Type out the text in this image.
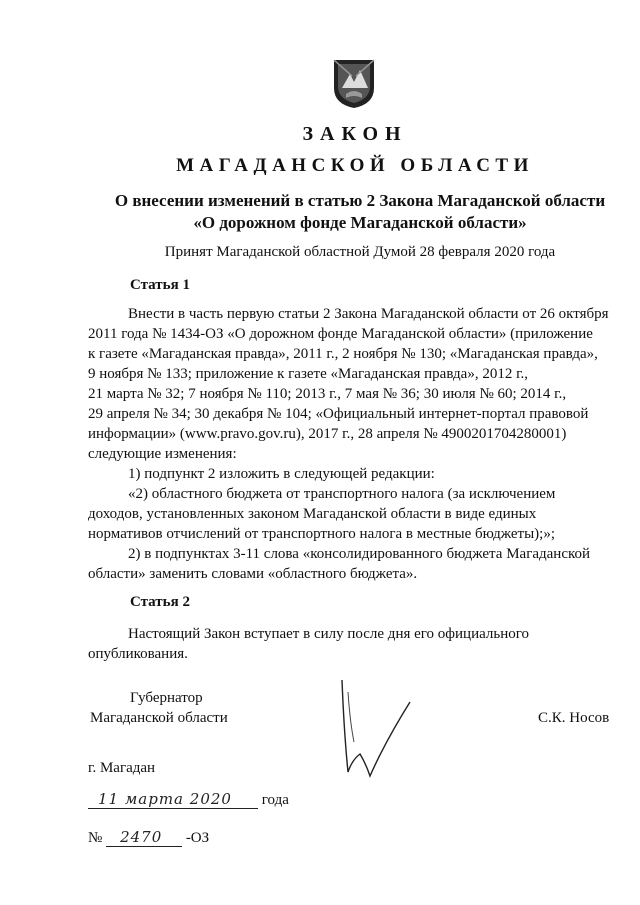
ЗАКОН
МАГАДАНСКОЙ ОБЛАСТИ
О внесении изменений в статью 2 Закона Магаданской области
«О дорожном фонде Магаданской области»
Принят Магаданской областной Думой 28 февраля 2020 года
Статья 1
Внести в часть первую статьи 2 Закона Магаданской области от 26 октября
2011 года № 1434-ОЗ «О дорожном фонде Магаданской области» (приложение
к газете «Магаданская правда», 2011 г., 2 ноября № 130; «Магаданская правда»,
9 ноября № 133; приложение к газете «Магаданская правда», 2012 г.,
21 марта № 32; 7 ноября № 110; 2013 г., 7 мая № 36; 30 июля № 60; 2014 г.,
29 апреля № 34; 30 декабря № 104; «Официальный интернет-портал правовой
информации» (www.pravo.gov.ru), 2017 г., 28 апреля № 4900201704280001)
следующие изменения:
1) подпункт 2 изложить в следующей редакции:
«2) областного бюджета от транспортного налога (за исключением
доходов, установленных законом Магаданской области в виде единых
нормативов отчислений от транспортного налога в местные бюджеты);»;
2) в подпунктах 3-11 слова «консолидированного бюджета Магаданской
области» заменить словами «областного бюджета».
Статья 2
Настоящий Закон вступает в силу после дня его официального
опубликования.
Губернатор
Магаданской области	С.К. Носов
г. Магадан
11 марта 2020 года
№ 2470 -ОЗ
